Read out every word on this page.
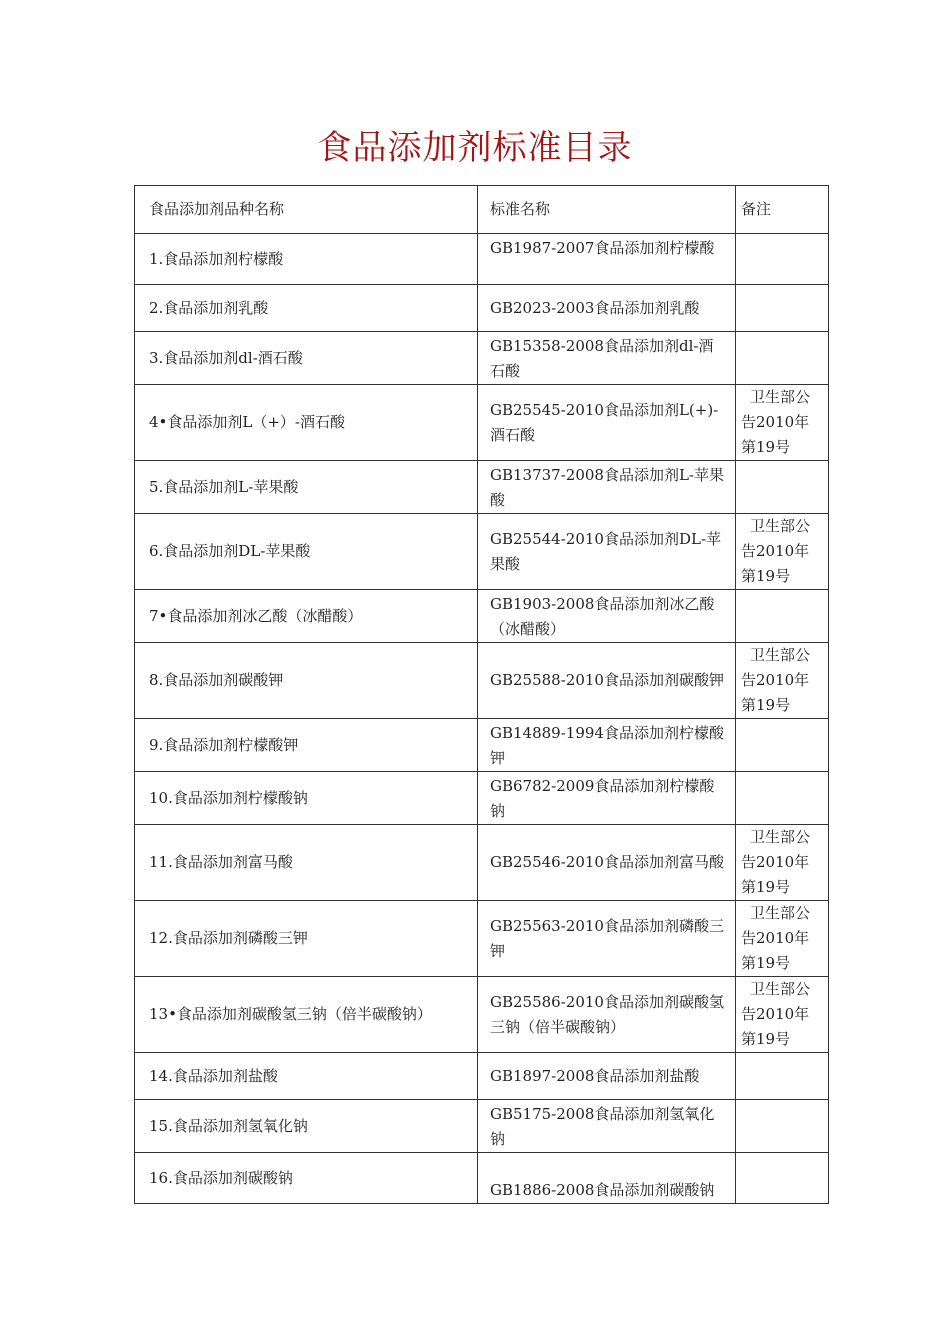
食品添加剂标准目录
食品添加剂品种名称	标准名称	备注
1.食品添加剂柠檬酸	GB1987-2007食品添加剂柠檬酸	

2.食品添加剂乳酸	GB2023-2003食品添加剂乳酸	

3.食品添加剂dl-酒石酸	GB15358-2008食品添加剂dl-酒石酸	

4•食品添加剂L（+）-酒石酸	GB25545-2010食品添加剂L(+)-酒石酸	卫生部公告2010年第19号

5.食品添加剂L-苹果酸	GB13737-2008食品添加剂L-苹果酸	

6.食品添加剂DL-苹果酸	GB25544-2010食品添加剂DL-苹果酸	卫生部公告2010年第19号

7•食品添加剂冰乙酸（冰醋酸）	GB1903-2008食品添加剂冰乙酸（冰醋酸）	

8.食品添加剂碳酸钾	GB25588-2010食品添加剂碳酸钾	卫生部公告2010年第19号

9.食品添加剂柠檬酸钾	GB14889-1994食品添加剂柠檬酸钾	

10.食品添加剂柠檬酸钠	GB6782-2009食品添加剂柠檬酸钠	

11.食品添加剂富马酸	GB25546-2010食品添加剂富马酸	卫生部公告2010年第19号

12.食品添加剂磷酸三钾	GB25563-2010食品添加剂磷酸三钾	卫生部公告2010年第19号

13•食品添加剂碳酸氢三钠（倍半碳酸钠）	GB25586-2010食品添加剂碳酸氢三钠（倍半碳酸钠）	卫生部公告2010年第19号

14.食品添加剂盐酸	GB1897-2008食品添加剂盐酸	

15.食品添加剂氢氧化钠	GB5175-2008食品添加剂氢氧化钠	

16.食品添加剂碳酸钠	GB1886-2008食品添加剂碳酸钠	
